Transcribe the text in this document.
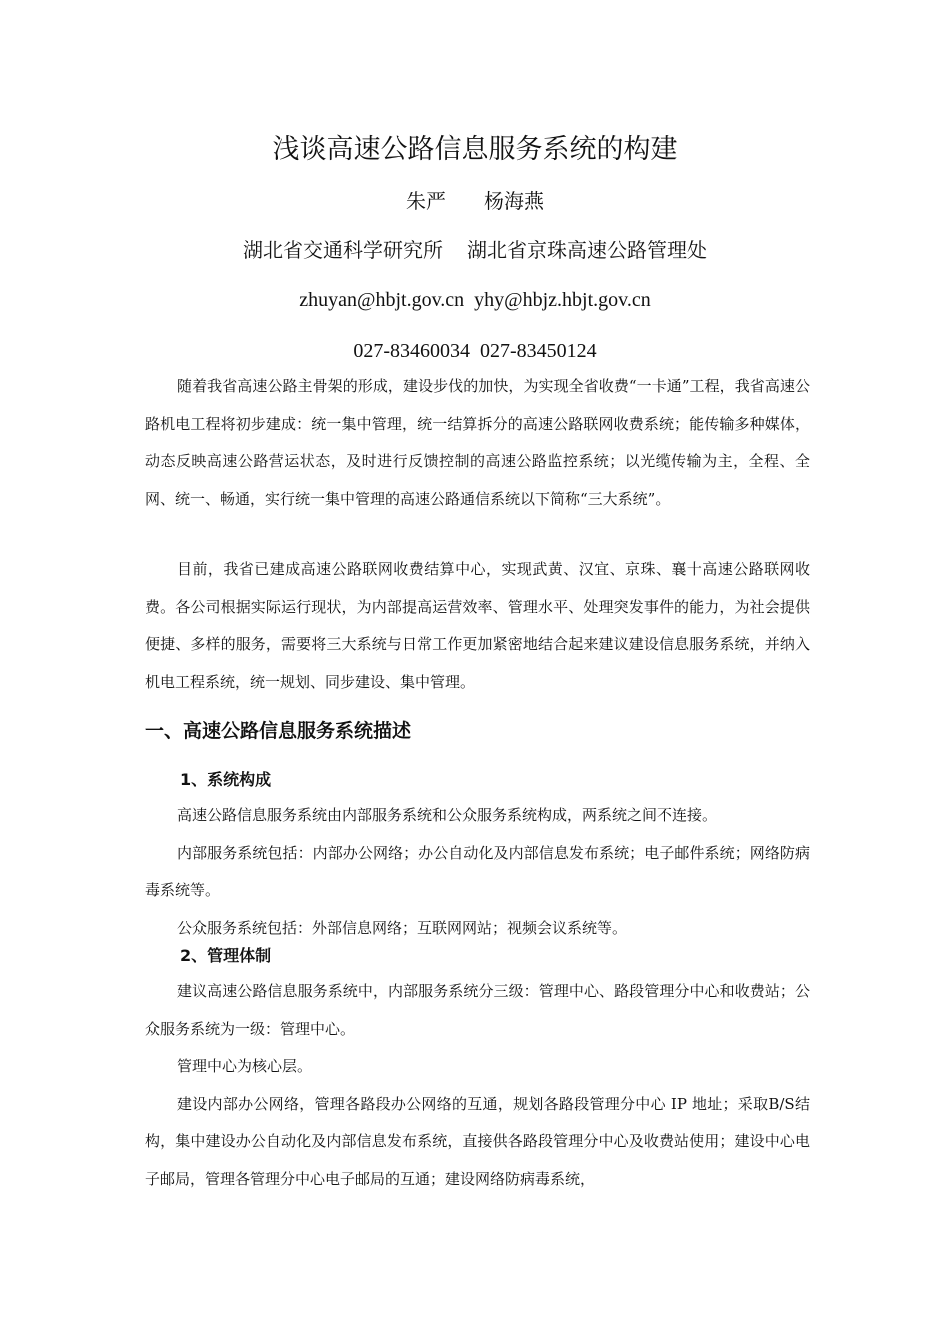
浅谈高速公路信息服务系统的构建
朱严 杨海燕
湖北省交通科学研究所 湖北省京珠高速公路管理处
zhuyan@hbjt.gov.cn yhy@hbjz.hbjt.gov.cn
027-83460034 027-83450124

随着我省高速公路主骨架的形成，建设步伐的加快，为实现全省收费“一卡通”工程，我省高速公路机电工程将初步建成：统一集中管理，统一结算拆分的高速公路联网收费系统；能传输多种媒体，动态反映高速公路营运状态，及时进行反馈控制的高速公路监控系统；以光缆传输为主，全程、全网、统一、畅通，实行统一集中管理的高速公路通信系统以下简称“三大系统”。

目前，我省已建成高速公路联网收费结算中心，实现武黄、汉宜、京珠、襄十高速公路联网收费。各公司根据实际运行现状，为内部提高运营效率、管理水平、处理突发事件的能力，为社会提供便捷、多样的服务，需要将三大系统与日常工作更加紧密地结合起来建议建设信息服务系统，并纳入机电工程系统，统一规划、同步建设、集中管理。

一、高速公路信息服务系统描述
1、系统构成

高速公路信息服务系统由内部服务系统和公众服务系统构成，两系统之间不连接。

内部服务系统包括：内部办公网络；办公自动化及内部信息发布系统；电子邮件系统；网络防病毒系统等。

公众服务系统包括：外部信息网络；互联网网站；视频会议系统等。

2、管理体制

建议高速公路信息服务系统中，内部服务系统分三级：管理中心、路段管理分中心和收费站；公众服务系统为一级：管理中心。

管理中心为核心层。

建设内部办公网络，管理各路段办公网络的互通，规划各路段管理分中心 IP 地址；采取B/S结构，集中建设办公自动化及内部信息发布系统，直接供各路段管理分中心及收费站使用；建设中心电子邮局，管理各管理分中心电子邮局的互通；建设网络防病毒系统，
